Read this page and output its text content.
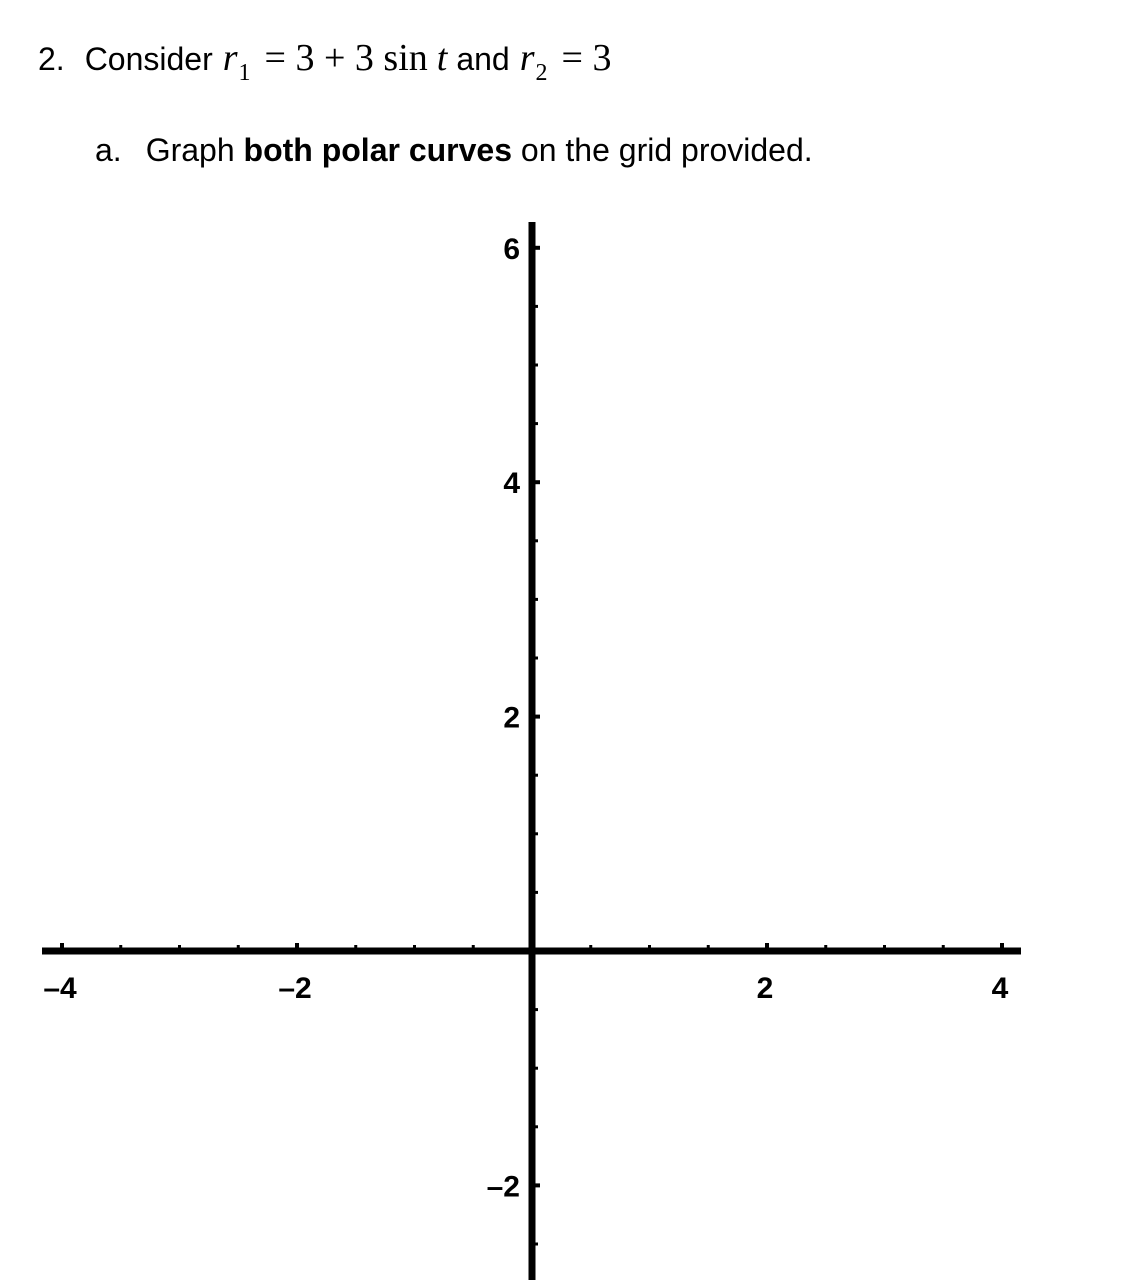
2. Consider r 1 = 3 + 3 sin t and r 2 = 3
a. Graph both polar curves on the grid provided.
–4	–2	2	4
6
4
2
–2
